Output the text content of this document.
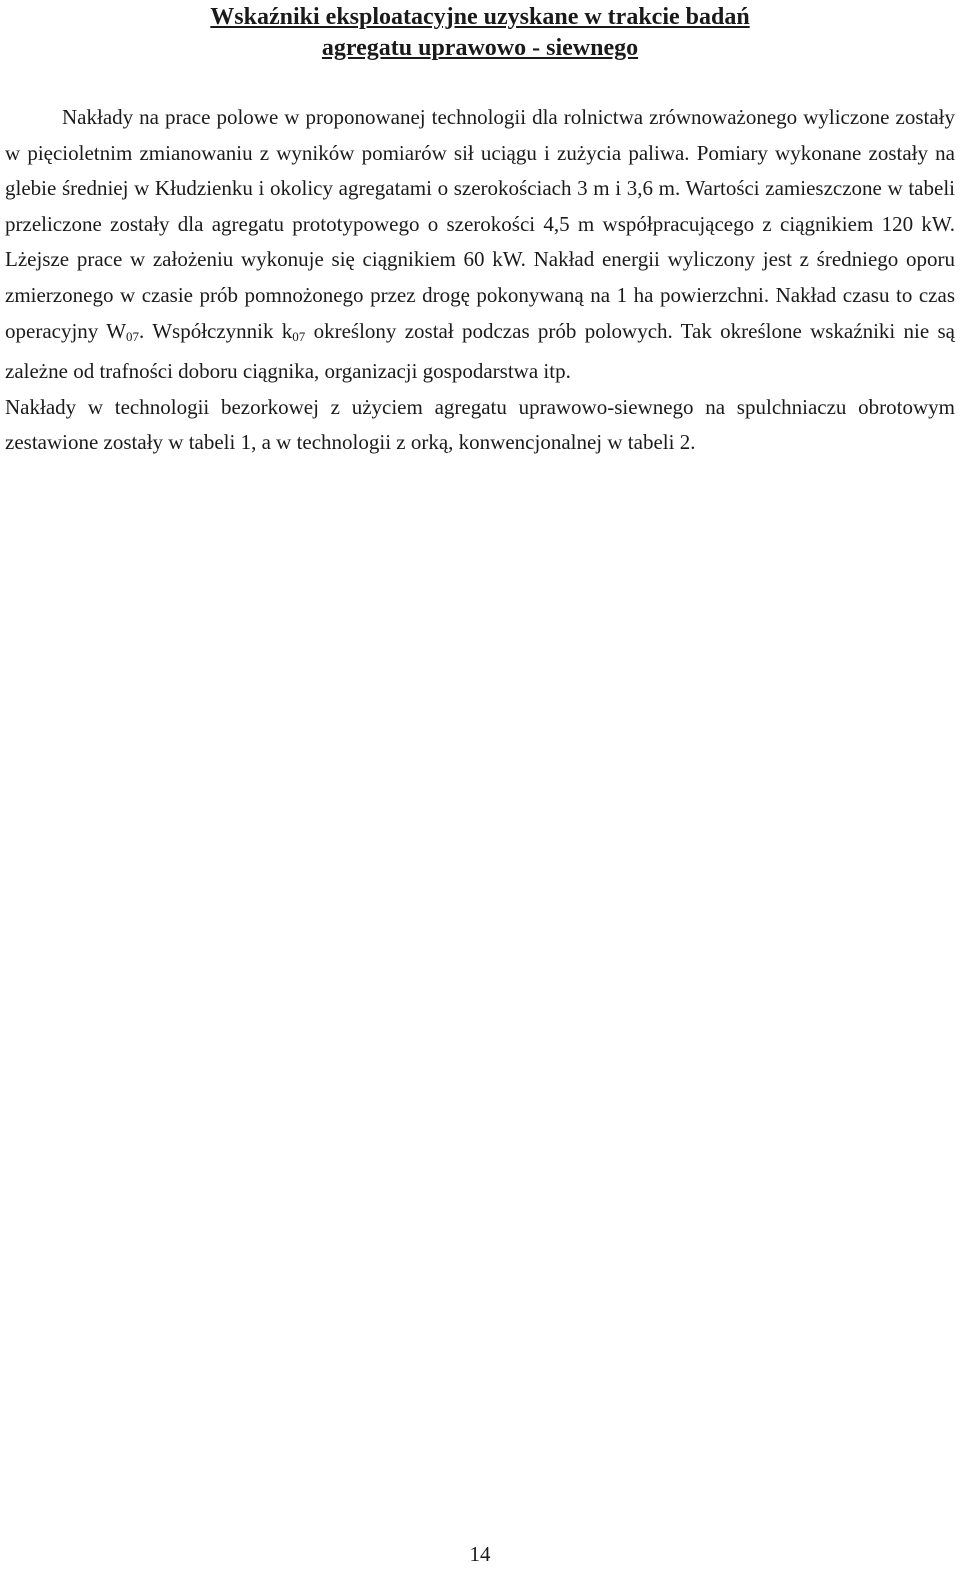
Wskaźniki eksploatacyjne uzyskane w trakcie badań
agregatu uprawowo - siewnego

Nakłady na prace polowe w proponowanej technologii dla rolnictwa zrównoważonego wyliczone zostały w pięcioletnim zmianowaniu z wyników pomiarów sił uciągu i zużycia paliwa. Pomiary wykonane zostały na glebie średniej w Kłudzienku i okolicy agregatami o szerokościach 3 m i 3,6 m. Wartości zamieszczone w tabeli przeliczone zostały dla agregatu prototypowego o szerokości 4,5 m współpracującego z ciągnikiem 120 kW. Lżejsze prace w założeniu wykonuje się ciągnikiem 60 kW. Nakład energii wyliczony jest z średniego oporu zmierzonego w czasie prób pomnożonego przez drogę pokonywaną na 1 ha powierzchni. Nakład czasu to czas operacyjny $W_{07}$. Współczynnik $k_{07}$ określony został podczas prób polowych. Tak określone wskaźniki nie są zależne od trafności doboru ciągnika, organizacji gospodarstwa itp.

Nakłady w technologii bezorkowej z użyciem agregatu uprawowo-siewnego na spulchniaczu obrotowym zestawione zostały w tabeli 1, a w technologii z orką, konwencjonalnej w tabeli 2.

14
